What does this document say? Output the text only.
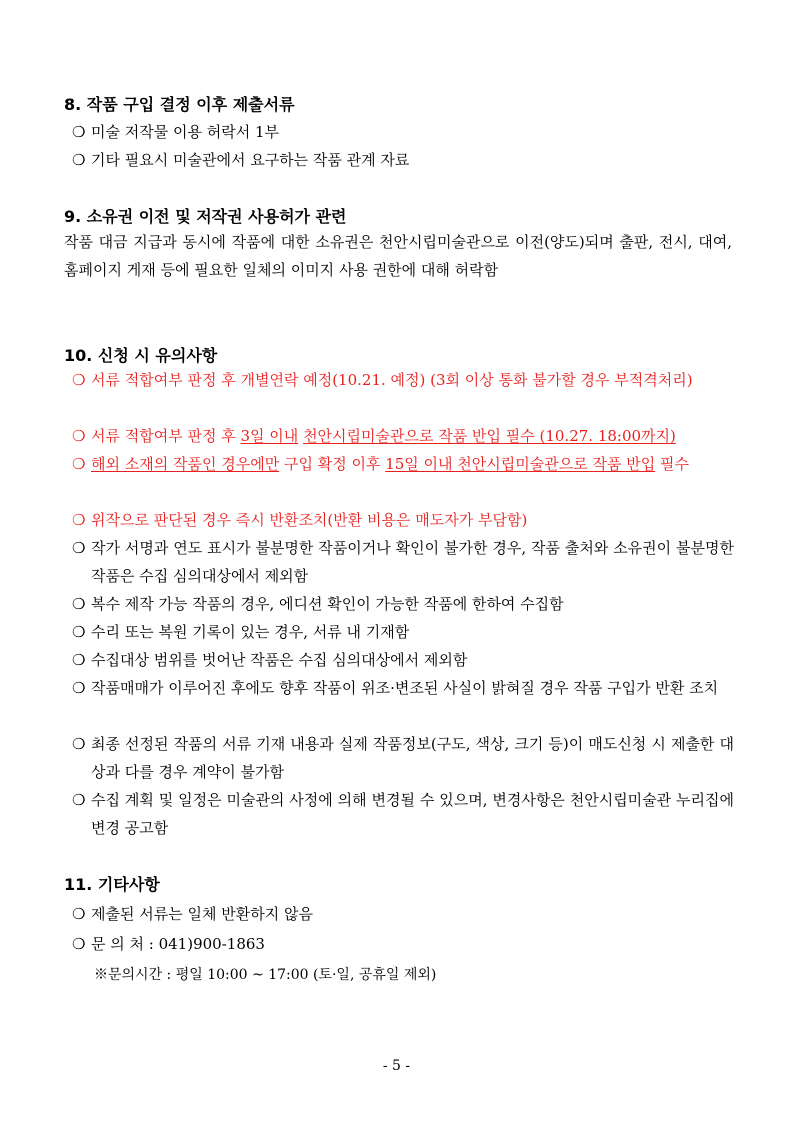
8. 작품 구입 결정 이후 제출서류
❍ 미술 저작물 이용 허락서 1부
❍ 기타 필요시 미술관에서 요구하는 작품 관계 자료
9. 소유권 이전 및 저작권 사용허가 관련
작품 대금 지급과 동시에 작품에 대한 소유권은 천안시립미술관으로 이전(양도)되며 출판, 전시, 대여, 홈페이지 게재 등에 필요한 일체의 이미지 사용 권한에 대해 허락함
10. 신청 시 유의사항
❍ 서류 적합여부 판정 후 개별연락 예정(10.21. 예정) (3회 이상 통화 불가할 경우 부적격처리)
❍ 서류 적합여부 판정 후 3일 이내 천안시립미술관으로 작품 반입 필수 (10.27. 18:00까지)
❍ 해외 소재의 작품인 경우에만 구입 확정 이후 15일 이내 천안시립미술관으로 작품 반입 필수
❍ 위작으로 판단된 경우 즉시 반환조치(반환 비용은 매도자가 부담함)
❍ 작가 서명과 연도 표시가 불분명한 작품이거나 확인이 불가한 경우, 작품 출처와 소유권이 불분명한 작품은 수집 심의대상에서 제외함
❍ 복수 제작 가능 작품의 경우, 에디션 확인이 가능한 작품에 한하여 수집함
❍ 수리 또는 복원 기록이 있는 경우, 서류 내 기재함
❍ 수집대상 범위를 벗어난 작품은 수집 심의대상에서 제외함
❍ 작품매매가 이루어진 후에도 향후 작품이 위조·변조된 사실이 밝혀질 경우 작품 구입가 반환 조치
❍ 최종 선정된 작품의 서류 기재 내용과 실제 작품정보(구도, 색상, 크기 등)이 매도신청 시 제출한 대상과 다를 경우 계약이 불가함
❍ 수집 계획 및 일정은 미술관의 사정에 의해 변경될 수 있으며, 변경사항은 천안시립미술관 누리집에 변경 공고함
11. 기타사항
❍ 제출된 서류는 일체 반환하지 않음
❍ 문 의 처 : 041)900-1863
※문의시간 : 평일 10:00 ~ 17:00 (토·일, 공휴일 제외)
- 5 -
